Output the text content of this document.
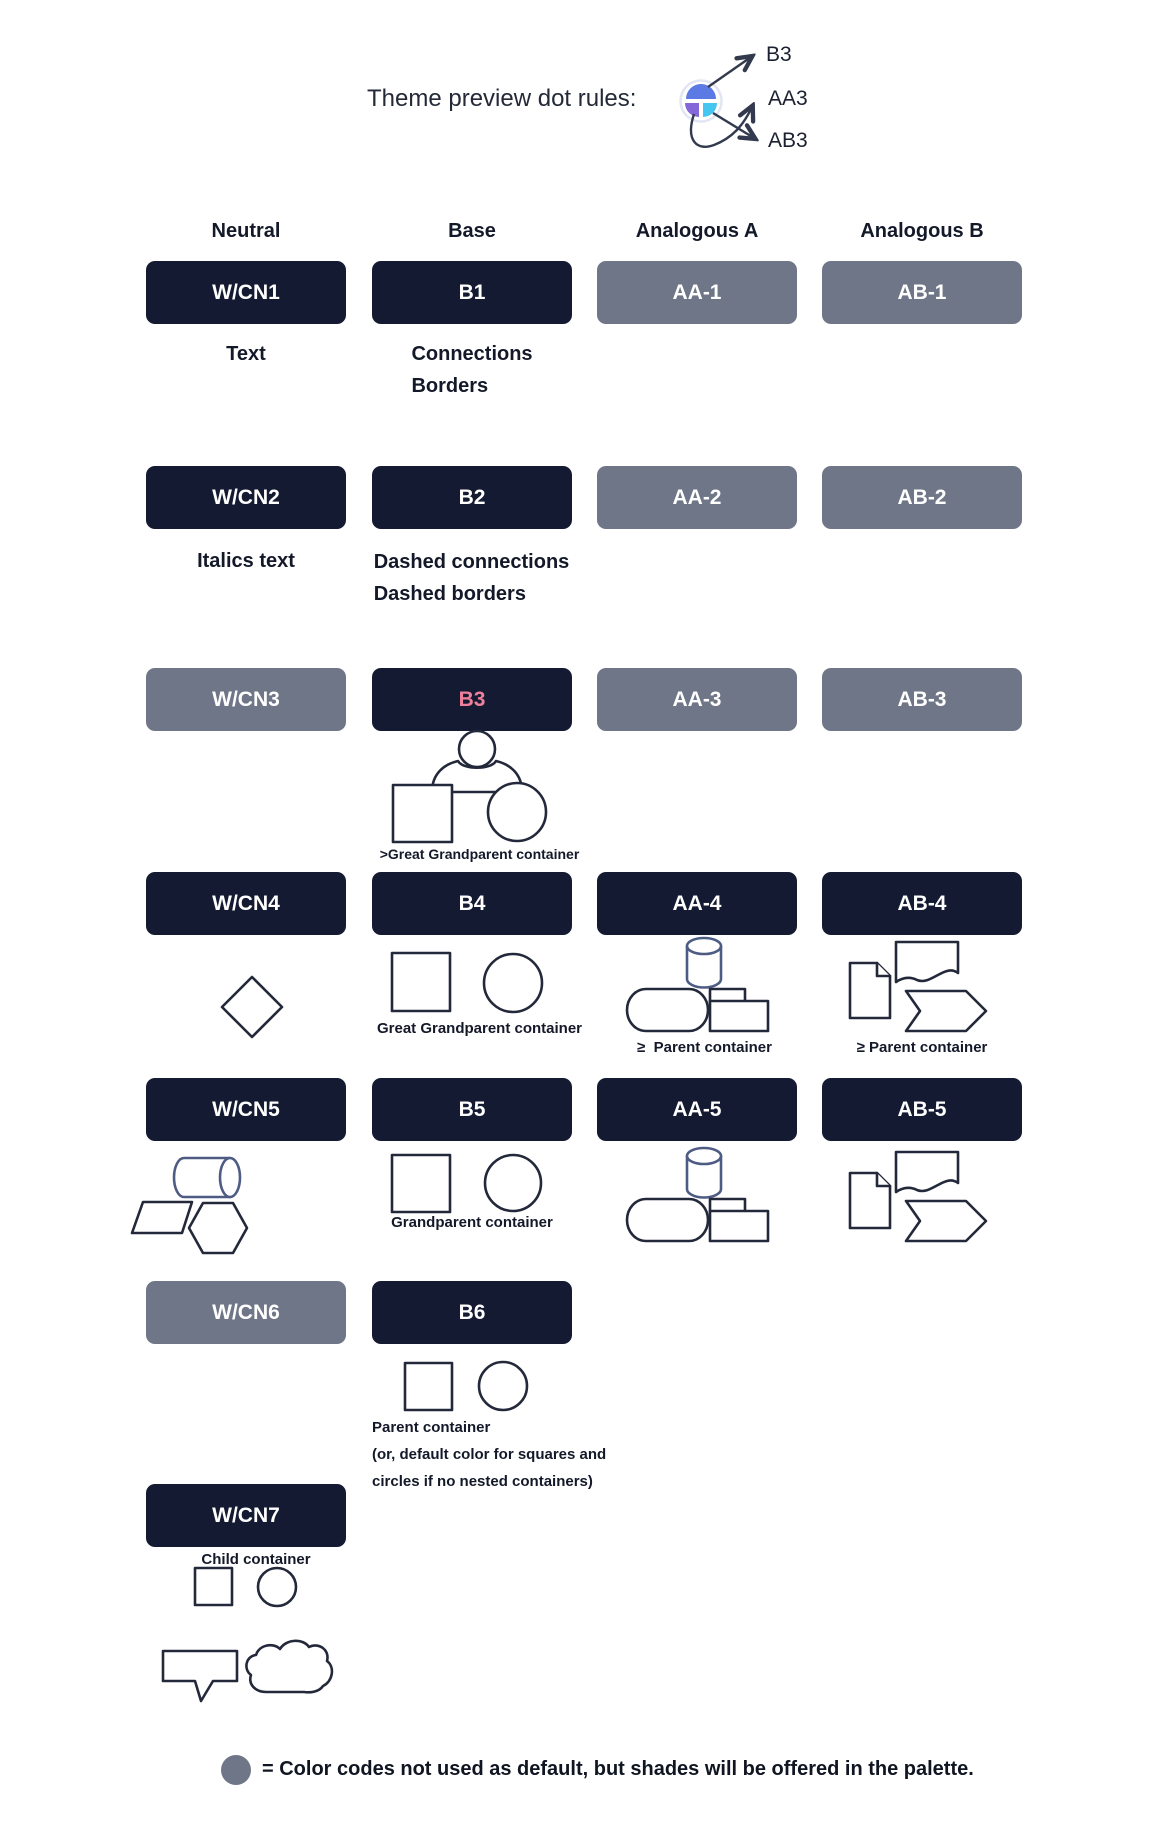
Theme preview dot rules:
B3
AA3
AB3
Neutral	Base	Analogous A	Analogous B
W/CN1	B1	AA-1	AB-1
Text	Connections
Borders
W/CN2	B2	AA-2	AB-2
Italics text	Dashed connections
Dashed borders
W/CN3	B3	AA-3	AB-3
>Great Grandparent container
W/CN4	B4	AA-4	AB-4
Great Grandparent container
≥  Parent container	≥ Parent container
W/CN5	B5	AA-5	AB-5
Grandparent container
W/CN6	B6
Parent container
(or, default color for squares and
circles if no nested containers)
W/CN7
Child container
= Color codes not used as default, but shades will be offered in the palette.
